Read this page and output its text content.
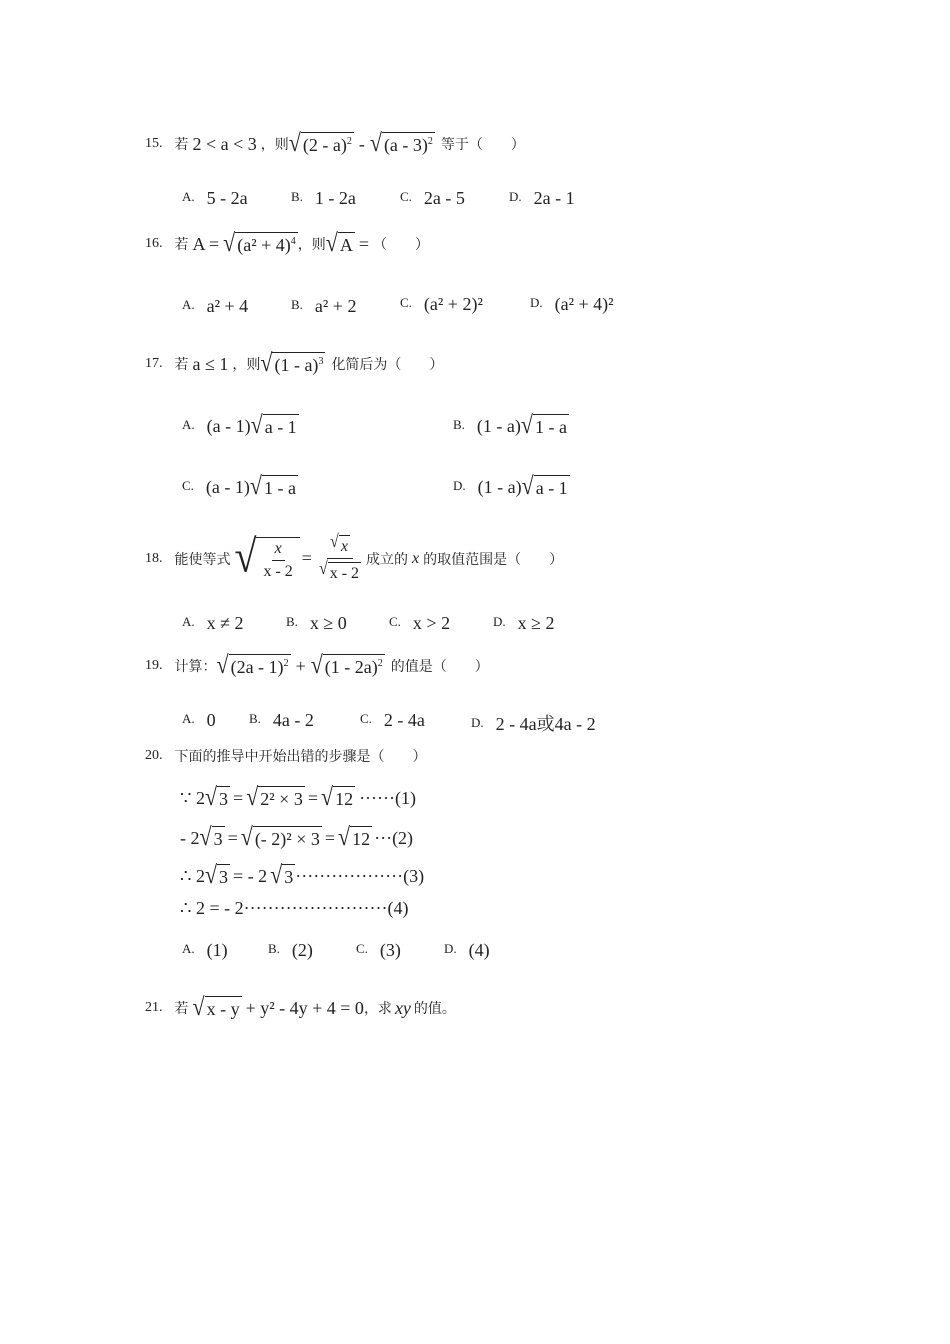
15. 若 2 < a < 3 ，则 √ (2 - a)$^2$ - √ (a - 3)$^2$ 等于（　　）
A. 5 - 2a	B. 1 - 2a	C. 2a - 5	D. 2a - 1
16. 若 A = √ $(a^2 + 4)^4$ ，则 √ A = （　　）
A. a² + 4	B. a² + 2	C. (a² + 2)²	D. (a² + 4)²
17. 若 a ≤ 1 ，则 √ (1 - a)$^3$ 化简后为（　　）
A. (a - 1) √ a - 1	B. (1 - a) √ 1 - a
C. (a - 1) √ 1 - a	D. (1 - a) √ a - 1
18. 能使等式 √ $\frac{x}{x - 2} = \frac{√ x}{√ x - 2}$ 成立的 x 的取值范围是（　　）
A. x ≠ 2	B. x ≥ 0	C. x > 2	D. x ≥ 2
19. 计算： √ (2a - 1)$^2$ + √ (1 - 2a)$^2$ 的值是（　　）
A. 0	B. 4a - 2	C. 2 - 4a	D. 2 - 4a或4a - 2
20. 下面的推导中开始出错的步骤是（　　）
∵ 2 √ 3 = √ 2² × 3 = √ 12 ······ (1)
- 2 √ 3 = √ (- 2)² × 3 = √ 12 ··· (2)
∴ 2 √ 3 = - 2 √ 3 ·················· (3)
∴ 2 = - 2 ························ (4)
A. (1)	B. (2)	C. (3)	D. (4)
21. 若 √ x - y + y² - 4y + 4 = 0 ，求 xy 的值。
